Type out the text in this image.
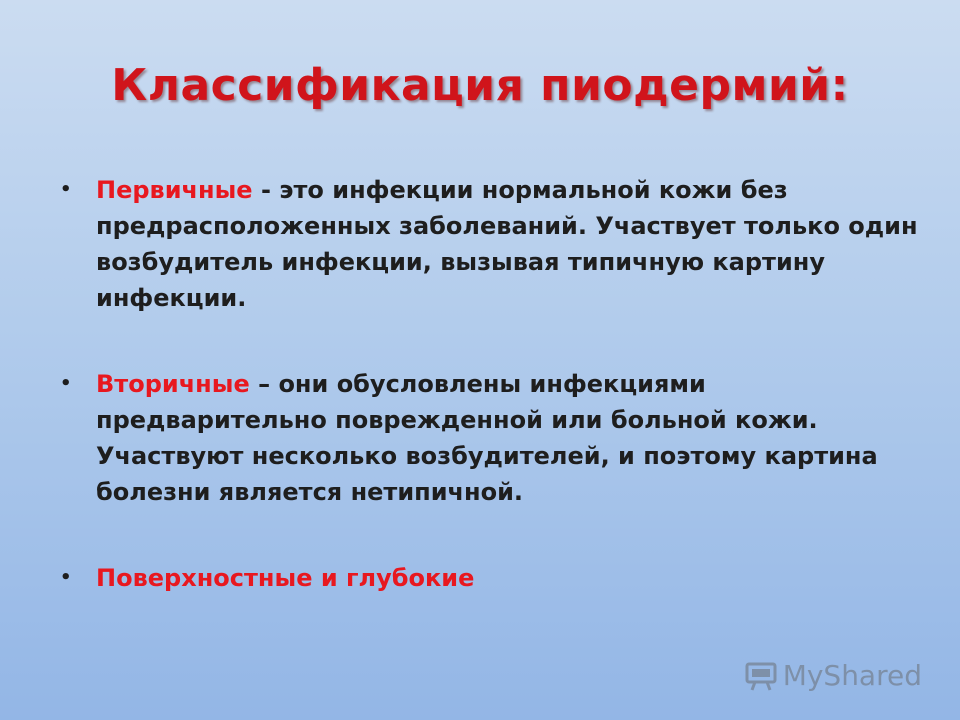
Классификация пиодермий:
• Первичные - это инфекции нормальной кожи без предрасположенных заболеваний. Участвует только один возбудитель инфекции, вызывая типичную картину инфекции.
• Вторичные – они обусловлены инфекциями предварительно поврежденной или больной кожи. Участвуют несколько возбудителей, и поэтому картина болезни является нетипичной.
• Поверхностные и глубокие
MyShared
